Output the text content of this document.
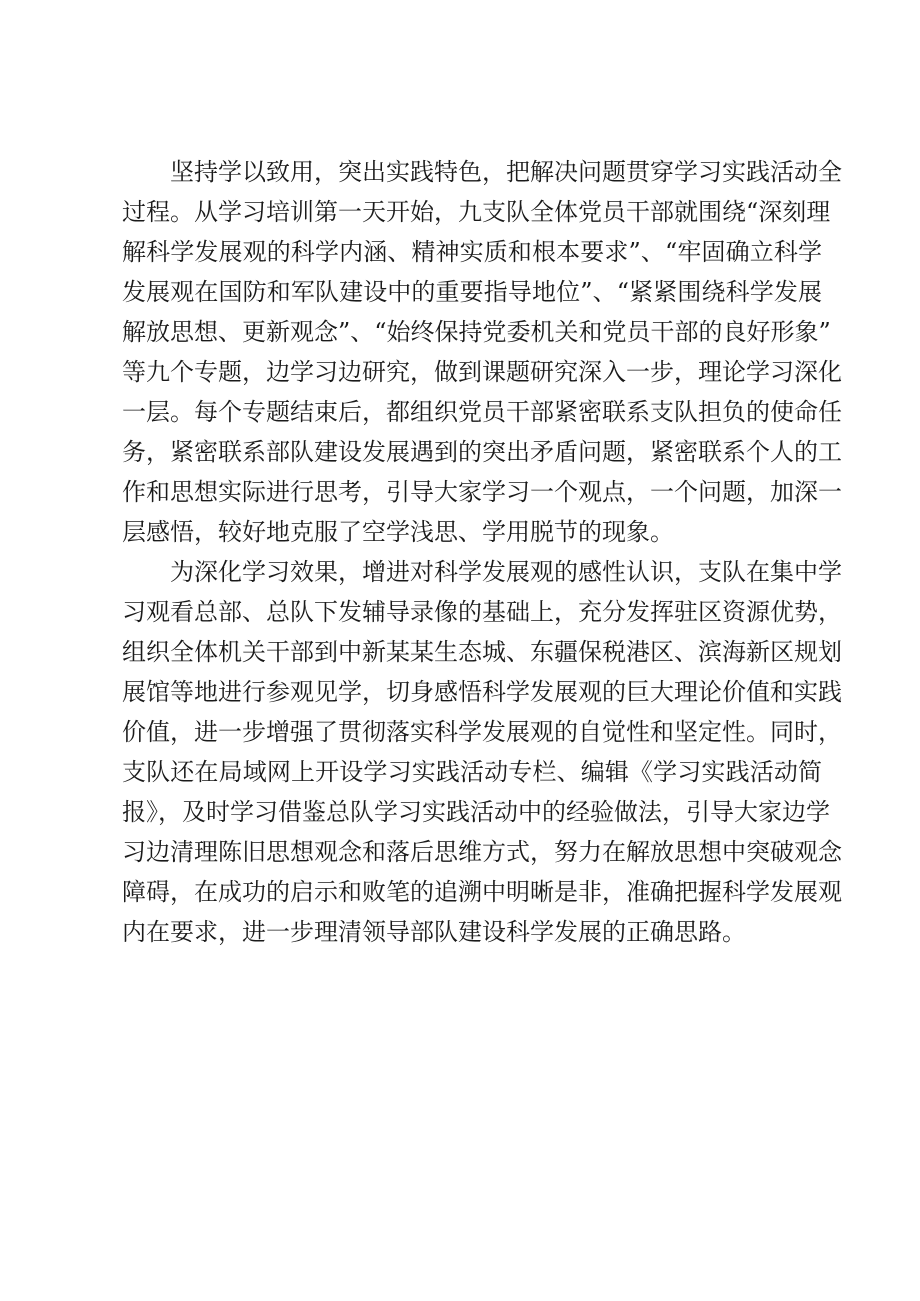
坚持学以致用，突出实践特色，把解决问题贯穿学习实践活动全
过程。从学习培训第一天开始，九支队全体党员干部就围绕“深刻理
解科学发展观的科学内涵、精神实质和根本要求”、“牢固确立科学
发展观在国防和军队建设中的重要指导地位”、“紧紧围绕科学发展
解放思想、更新观念”、“始终保持党委机关和党员干部的良好形象”
等九个专题，边学习边研究，做到课题研究深入一步，理论学习深化
一层。每个专题结束后，都组织党员干部紧密联系支队担负的使命任
务，紧密联系部队建设发展遇到的突出矛盾问题，紧密联系个人的工
作和思想实际进行思考，引导大家学习一个观点，一个问题，加深一
层感悟，较好地克服了空学浅思、学用脱节的现象。
为深化学习效果，增进对科学发展观的感性认识，支队在集中学
习观看总部、总队下发辅导录像的基础上，充分发挥驻区资源优势，
组织全体机关干部到中新某某生态城、东疆保税港区、滨海新区规划
展馆等地进行参观见学，切身感悟科学发展观的巨大理论价值和实践
价值，进一步增强了贯彻落实科学发展观的自觉性和坚定性。同时，
支队还在局域网上开设学习实践活动专栏、编辑《学习实践活动简
报》，及时学习借鉴总队学习实践活动中的经验做法，引导大家边学
习边清理陈旧思想观念和落后思维方式，努力在解放思想中突破观念
障碍，在成功的启示和败笔的追溯中明晰是非，准确把握科学发展观
内在要求，进一步理清领导部队建设科学发展的正确思路。
